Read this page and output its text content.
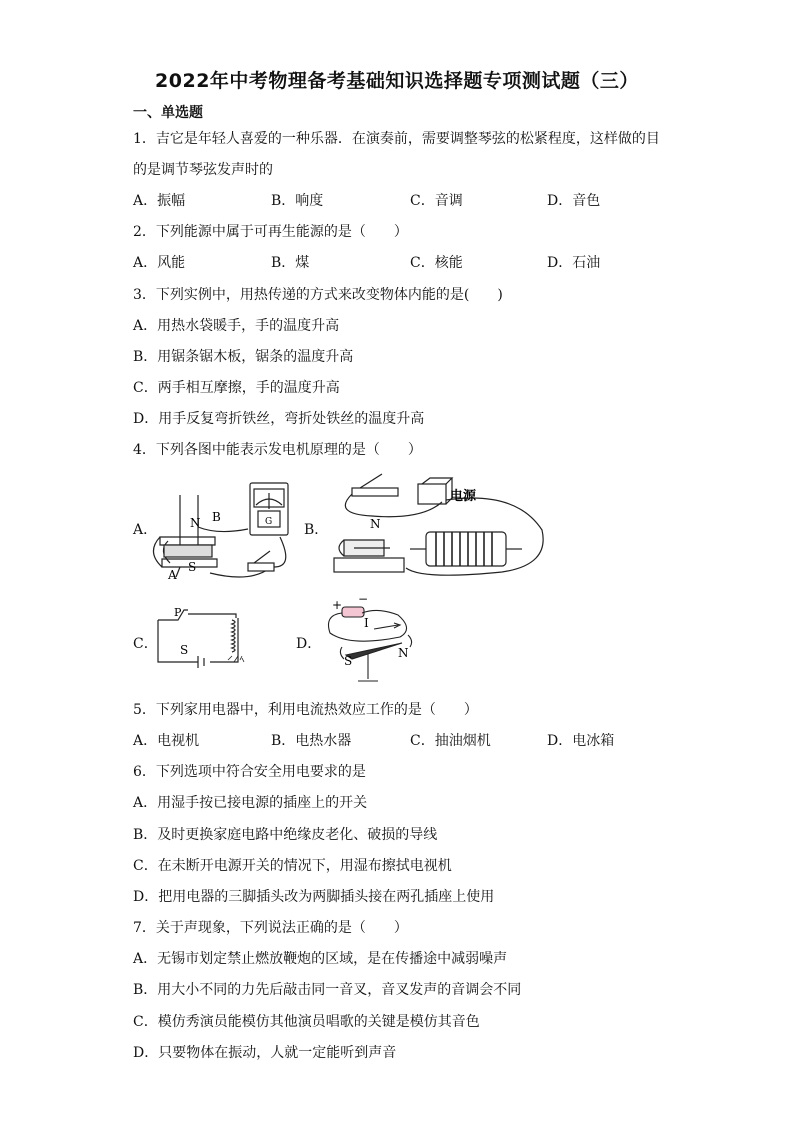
2022年中考物理备考基础知识选择题专项测试题（三）
一、单选题
1．吉它是年轻人喜爱的一种乐器．在演奏前，需要调整琴弦的松紧程度，这样做的目
的是调节琴弦发声时的
A．振幅	B．响度	C．音调	D．音色
2．下列能源中属于可再生能源的是（　　）
A．风能	B．煤	C．核能	D．石油
3．下列实例中，用热传递的方式来改变物体内能的是(　　)
A．用热水袋暖手，手的温度升高
B．用锯条锯木板，锯条的温度升高
C．两手相互摩擦，手的温度升高
D．用手反复弯折铁丝，弯折处铁丝的温度升高
4．下列各图中能表示发电机原理的是（　　）
A．	B．
C．	D．
N B
S
A
G
电源
N
P
S
+ −
I
S
N
5．下列家用电器中，利用电流热效应工作的是（　　）
A．电视机	B．电热水器	C．抽油烟机	D．电冰箱
6．下列选项中符合安全用电要求的是
A．用湿手按已接电源的插座上的开关
B．及时更换家庭电路中绝缘皮老化、破损的导线
C．在未断开电源开关的情况下，用湿布擦拭电视机
D．把用电器的三脚插头改为两脚插头接在两孔插座上使用
7．关于声现象，下列说法正确的是（　　）
A．无锡市划定禁止燃放鞭炮的区域，是在传播途中减弱噪声
B．用大小不同的力先后敲击同一音叉，音叉发声的音调会不同
C．模仿秀演员能模仿其他演员唱歌的关键是模仿其音色
D．只要物体在振动，人就一定能听到声音
